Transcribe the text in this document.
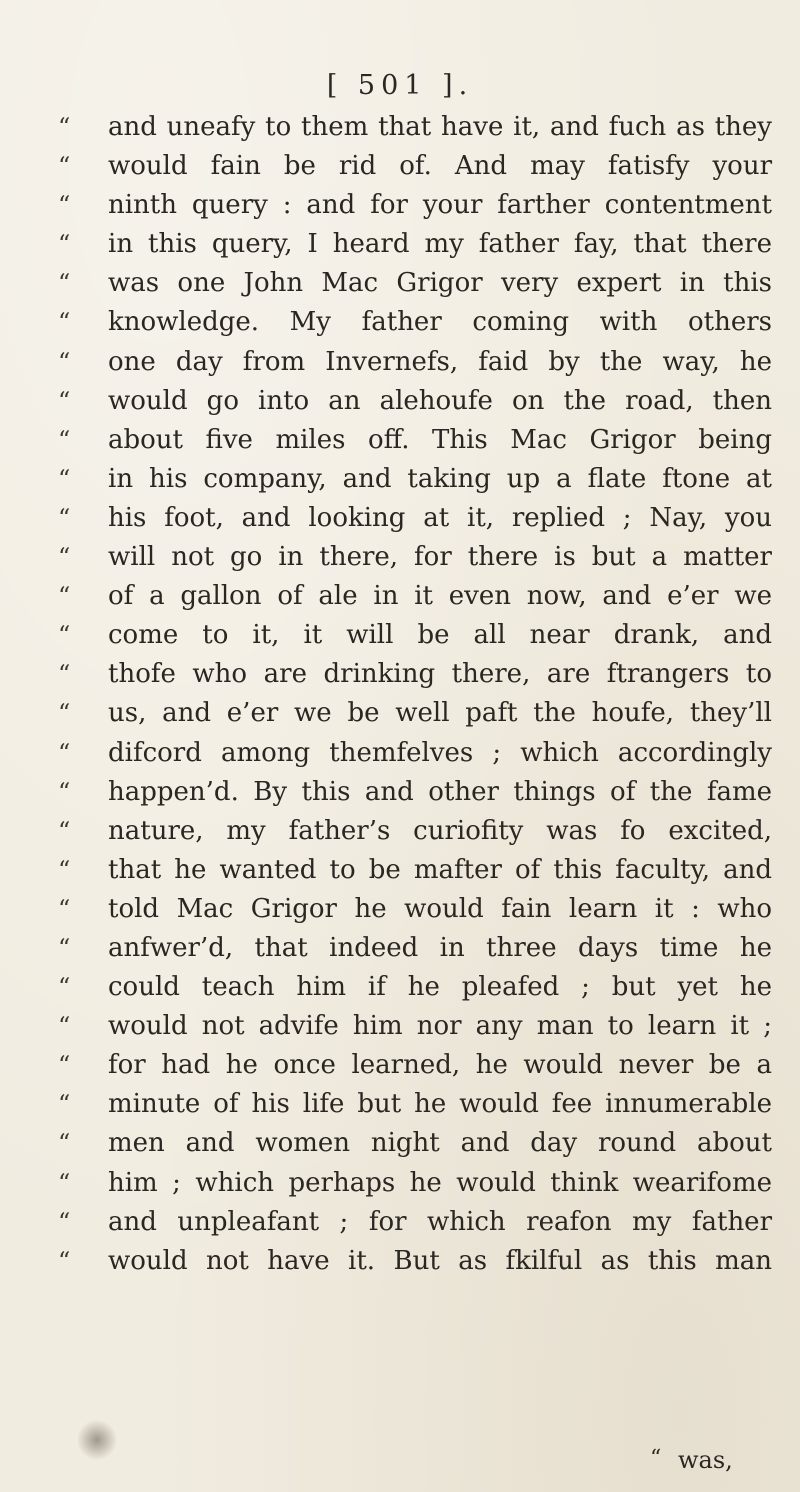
[ 501 ].
“	and uneafy to them that have it, and fuch as they
“	would fain be rid of. And may fatisfy your
“	ninth query : and for your farther contentment
“	in this query, I heard my father fay, that there
“	was one John Mac Grigor very expert in this
“	knowledge. My father coming with others
“	one day from Invernefs, faid by the way, he
“	would go into an alehoufe on the road, then
“	about five miles off. This Mac Grigor being
“	in his company, and taking up a flate ftone at
“	his foot, and looking at it, replied ; Nay, you
“	will not go in there, for there is but a matter
“	of a gallon of ale in it even now, and e’er we
“	come to it, it will be all near drank, and
“	thofe who are drinking there, are ftrangers to
“	us, and e’er we be well paft the houfe, they’ll
“	difcord among themfelves ; which accordingly
“	happen’d. By this and other things of the fame
“	nature, my father’s curiofity was fo excited,
“	that he wanted to be mafter of this faculty, and
“	told Mac Grigor he would fain learn it : who
“	anfwer’d, that indeed in three days time he
“	could teach him if he pleafed ; but yet he
“	would not advife him nor any man to learn it ;
“	for had he once learned, he would never be a
“	minute of his life but he would fee innumerable
“	men and women night and day round about
“	him ; which perhaps he would think wearifome
“	and unpleafant ; for which reafon my father
“	would not have it. But as fkilful as this man
“ was,
